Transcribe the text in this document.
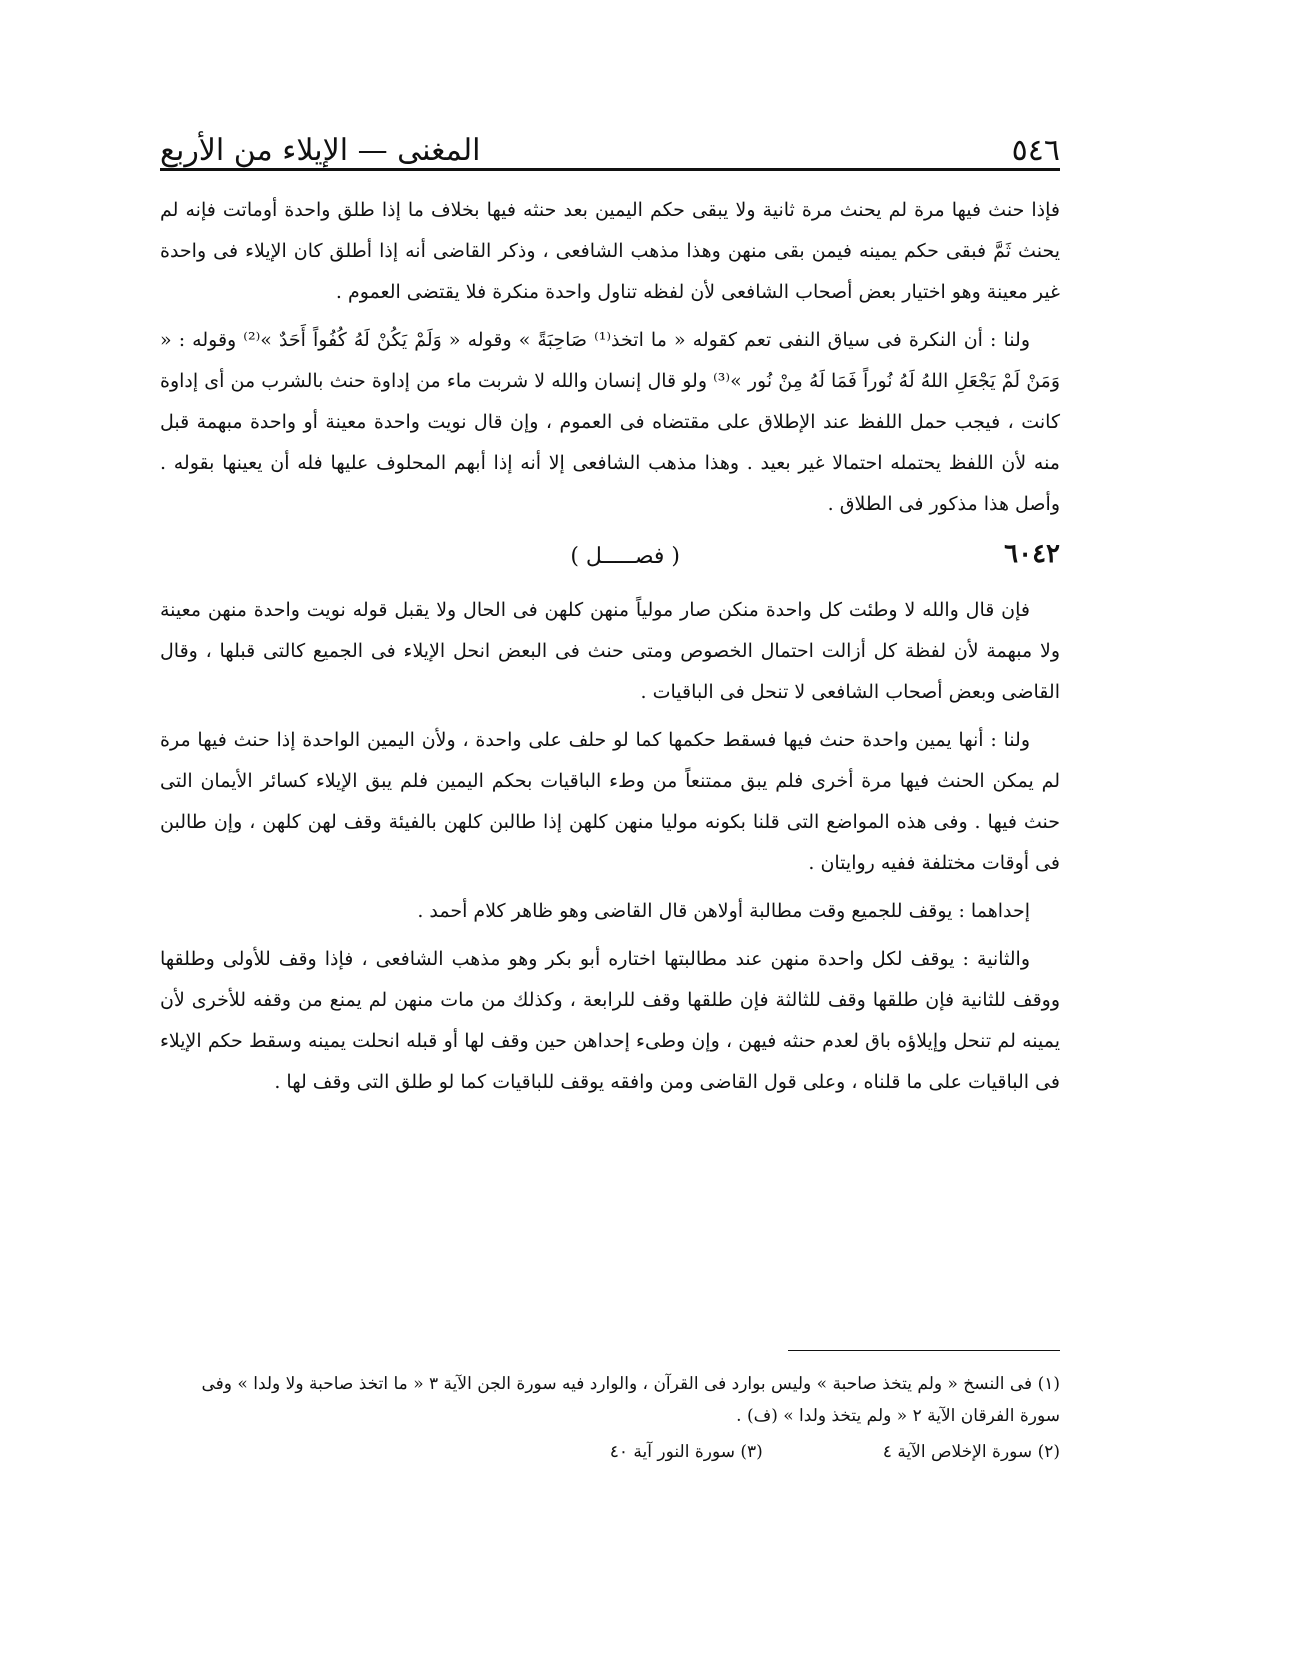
٥٤٦
المغنى — الإيلاء من الأربع

فإذا حنث فيها مرة لم يحنث مرة ثانية ولا يبقى حكم اليمين بعد حنثه فيها بخلاف ما إذا طلق واحدة أوماتت فإنه لم يحنث ثَمَّ فبقى حكم يمينه فيمن بقى منهن وهذا مذهب الشافعى ، وذكر القاضى أنه إذا أطلق كان الإيلاء فى واحدة غير معينة وهو اختيار بعض أصحاب الشافعى لأن لفظه تناول واحدة منكرة فلا يقتضى العموم .

ولنا : أن النكرة فى سياق النفى تعم كقوله « ما اتخذ⁽¹⁾ صَاحِبَةً » وقوله « وَلَمْ يَكُنْ لَهُ كُفُواً أَحَدٌ »⁽²⁾ وقوله : « وَمَنْ لَمْ يَجْعَلِ اللهُ لَهُ نُوراً فَمَا لَهُ مِنْ نُور »⁽³⁾ ولو قال إنسان والله لا شربت ماء من إداوة حنث بالشرب من أى إداوة كانت ، فيجب حمل اللفظ عند الإطلاق على مقتضاه فى العموم ، وإن قال نويت واحدة معينة أو واحدة مبهمة قبل منه لأن اللفظ يحتمله احتمالا غير بعيد . وهذا مذهب الشافعى إلا أنه إذا أبهم المحلوف عليها فله أن يعينها بقوله . وأصل هذا مذكور فى الطلاق .

٦٠٤٢
( فصـــــل )

فإن قال والله لا وطئت كل واحدة منكن صار مولياً منهن كلهن فى الحال ولا يقبل قوله نويت واحدة منهن معينة ولا مبهمة لأن لفظة كل أزالت احتمال الخصوص ومتى حنث فى البعض انحل الإيلاء فى الجميع كالتى قبلها ، وقال القاضى وبعض أصحاب الشافعى لا تنحل فى الباقيات .

ولنا : أنها يمين واحدة حنث فيها فسقط حكمها كما لو حلف على واحدة ، ولأن اليمين الواحدة إذا حنث فيها مرة لم يمكن الحنث فيها مرة أخرى فلم يبق ممتنعاً من وطء الباقيات بحكم اليمين فلم يبق الإيلاء كسائر الأيمان التى حنث فيها . وفى هذه المواضع التى قلنا بكونه موليا منهن كلهن إذا طالبن كلهن بالفيئة وقف لهن كلهن ، وإن طالبن فى أوقات مختلفة ففيه روايتان .

إحداهما : يوقف للجميع وقت مطالبة أولاهن قال القاضى وهو ظاهر كلام أحمد .

والثانية : يوقف لكل واحدة منهن عند مطالبتها اختاره أبو بكر وهو مذهب الشافعى ، فإذا وقف للأولى وطلقها ووقف للثانية فإن طلقها وقف للثالثة فإن طلقها وقف للرابعة ، وكذلك من مات منهن لم يمنع من وقفه للأخرى لأن يمينه لم تنحل وإيلاؤه باق لعدم حنثه فيهن ، وإن وطىء إحداهن حين وقف لها أو قبله انحلت يمينه وسقط حكم الإيلاء فى الباقيات على ما قلناه ، وعلى قول القاضى ومن وافقه يوقف للباقيات كما لو طلق التى وقف لها .

(١) فى النسخ « ولم يتخذ صاحبة » وليس بوارد فى القرآن ، والوارد فيه سورة الجن الآية ٣ « ما اتخذ صاحبة ولا ولدا » وفى سورة الفرقان الآية ٢ « ولم يتخذ ولدا » (ف) .

(٢) سورة الإخلاص الآية ٤
(٣) سورة النور آية ٤٠
